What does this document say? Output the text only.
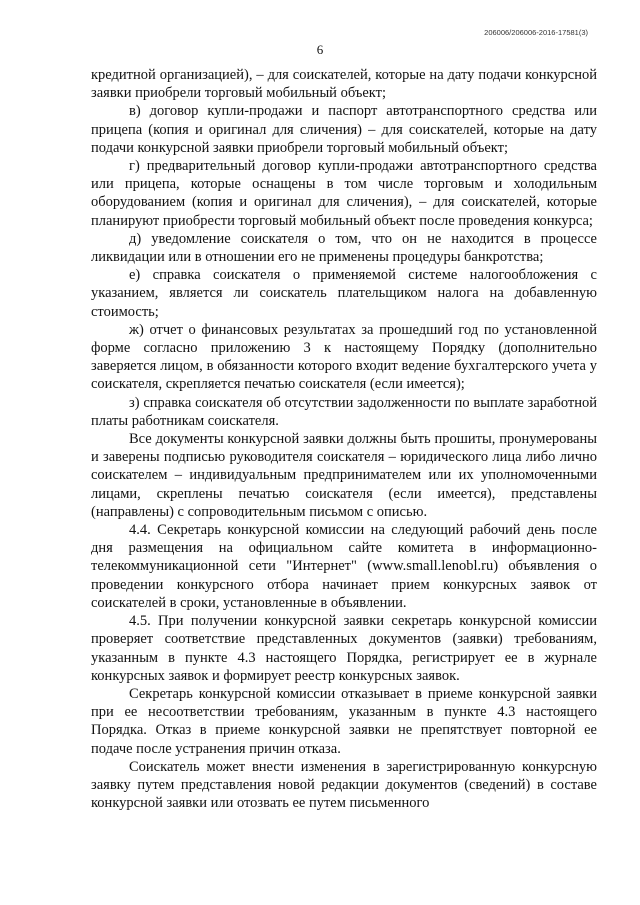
206006/206006-2016-17581(3)
6

кредитной организацией), – для соискателей, которые на дату подачи конкурсной заявки приобрели торговый мобильный объект;

в) договор купли-продажи и паспорт автотранспортного средства или прицепа (копия и оригинал для сличения) – для соискателей, которые на дату подачи конкурсной заявки приобрели торговый мобильный объект;

г) предварительный договор купли-продажи автотранспортного средства или прицепа, которые оснащены в том числе торговым и холодильным оборудованием (копия и оригинал для сличения), – для соискателей, которые планируют приобрести торговый мобильный объект после проведения конкурса;

д) уведомление соискателя о том, что он не находится в процессе ликвидации или в отношении его не применены процедуры банкротства;

е) справка соискателя о применяемой системе налогообложения с указанием, является ли соискатель плательщиком налога на добавленную стоимость;

ж) отчет о финансовых результатах за прошедший год по установленной форме согласно приложению 3 к настоящему Порядку (дополнительно заверяется лицом, в обязанности которого входит ведение бухгалтерского учета у соискателя, скрепляется печатью соискателя (если имеется);

з) справка соискателя об отсутствии задолженности по выплате заработной платы работникам соискателя.

Все документы конкурсной заявки должны быть прошиты, пронумерованы и заверены подписью руководителя соискателя – юридического лица либо лично соискателем – индивидуальным предпринимателем или их уполномоченными лицами, скреплены печатью соискателя (если имеется), представлены (направлены) с сопроводительным письмом с описью.

4.4. Секретарь конкурсной комиссии на следующий рабочий день после дня размещения на официальном сайте комитета в информационно-телекоммуникационной сети "Интернет" (www.small.lenobl.ru) объявления о проведении конкурсного отбора начинает прием конкурсных заявок от соискателей в сроки, установленные в объявлении.

4.5. При получении конкурсной заявки секретарь конкурсной комиссии проверяет соответствие представленных документов (заявки) требованиям, указанным в пункте 4.3 настоящего Порядка, регистрирует ее в журнале конкурсных заявок и формирует реестр конкурсных заявок.

Секретарь конкурсной комиссии отказывает в приеме конкурсной заявки при ее несоответствии требованиям, указанным в пункте 4.3 настоящего Порядка. Отказ в приеме конкурсной заявки не препятствует повторной ее подаче после устранения причин отказа.

Соискатель может внести изменения в зарегистрированную конкурсную заявку путем представления новой редакции документов (сведений) в составе конкурсной заявки или отозвать ее путем письменного
